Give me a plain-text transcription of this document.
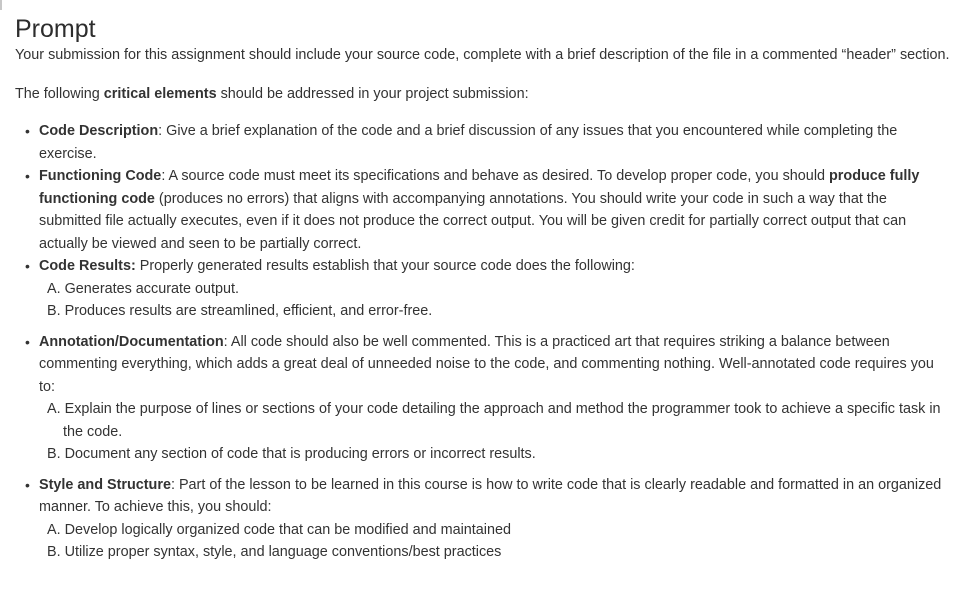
Prompt

Your submission for this assignment should include your source code, complete with a brief description of the file in a commented “header” section.

The following critical elements should be addressed in your project submission:

• Code Description: Give a brief explanation of the code and a brief discussion of any issues that you encountered while completing the exercise.
• Functioning Code: A source code must meet its specifications and behave as desired. To develop proper code, you should produce fully functioning code (produces no errors) that aligns with accompanying annotations. You should write your code in such a way that the submitted file actually executes, even if it does not produce the correct output. You will be given credit for partially correct output that can actually be viewed and seen to be partially correct.
• Code Results: Properly generated results establish that your source code does the following:
A. Generates accurate output.
B. Produces results are streamlined, efficient, and error-free.
• Annotation/Documentation: All code should also be well commented. This is a practiced art that requires striking a balance between commenting everything, which adds a great deal of unneeded noise to the code, and commenting nothing. Well-annotated code requires you to:
A. Explain the purpose of lines or sections of your code detailing the approach and method the programmer took to achieve a specific task in the code.
B. Document any section of code that is producing errors or incorrect results.
• Style and Structure: Part of the lesson to be learned in this course is how to write code that is clearly readable and formatted in an organized manner. To achieve this, you should:
A. Develop logically organized code that can be modified and maintained
B. Utilize proper syntax, style, and language conventions/best practices
